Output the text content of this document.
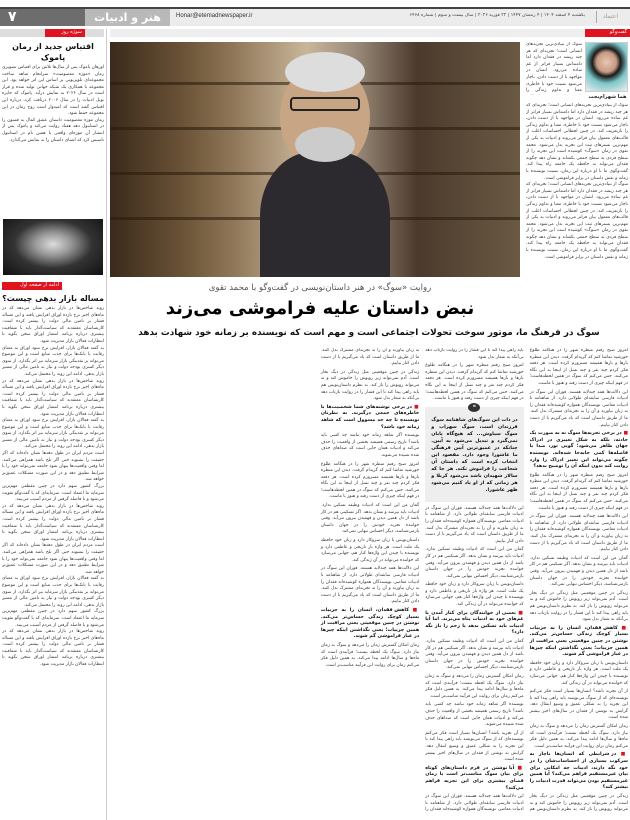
۷	هنر و ادبیات	Honar@etemadnewspaper.ir	یکشنبه ۴ اسفند ۱۴۰۴ | ۴ رمضان ۱۴۴۷ | ۲۲ فوریه ۲۰۲۶ | سال بیست و سوم | شماره ۶۴۶۸	اعتماد
سوژه روز	گفت‌وگو
اقتباس جدید از رمان پاموک

اورهان پاموک پس از سال‌ها تلاش برای اقتباس تصویری رمان «موزه معصومیت» سرانجام شاهد ساخت مجموعه‌ای تلویزیونی بر اساس این اثر خواهد بود. این مجموعه با همکاری یک شبکه جهانی تولید شده و قرار است در سال ۲۰۲۶ به نمایش درآید. پاموک که جایزه نوبل ادبیات را در سال ۲۰۰۶ دریافت کرد، درباره این اقتباس گفته است که امیدوار است روح رمان در این مجموعه حفظ شود.

رمان موزه معصومیت داستان عشق کمال به فسون را در استانبول دهه هفتاد روایت می‌کند و پاموک پس از انتشار آن موزه‌ای واقعی با همین نام در استانبول تاسیس کرد که اشیای داستان را به نمایش می‌گذارد.

ادامه از صفحه اول
مساله بازار بدهی چیست؟

روند شاخص‌ها در بازار بدهی نشان می‌دهد که در ماه‌های اخیر نرخ بازده اوراق افزایش یافته و این مساله فشار بر تامین مالی دولت را بیشتر کرده است. کارشناسان معتقدند که سیاست‌گذار باید با شفافیت بیشتری درباره برنامه انتشار اوراق سخن بگوید تا انتظارات فعالان بازار مدیریت شود.

به گفته فعالان بازار، افزایش نرخ سود اوراق به معنای رقابت با بانک‌ها برای جذب منابع است و این موضوع می‌تواند بر نقدینگی بازار سرمایه نیز اثر بگذارد. از سوی دیگر کسری بودجه دولت و نیاز به تامین مالی از مسیر بازار بدهی، ادامه این روند را محتمل می‌کند.

روند شاخص‌ها در بازار بدهی نشان می‌دهد که در ماه‌های اخیر نرخ بازده اوراق افزایش یافته و این مساله فشار بر تامین مالی دولت را بیشتر کرده است. کارشناسان معتقدند که سیاست‌گذار باید با شفافیت بیشتری درباره برنامه انتشار اوراق سخن بگوید تا انتظارات فعالان بازار مدیریت شود.

به گفته فعالان بازار، افزایش نرخ سود اوراق به معنای رقابت با بانک‌ها برای جذب منابع است و این موضوع می‌تواند بر نقدینگی بازار سرمایه نیز اثر بگذارد. از سوی دیگر کسری بودجه دولت و نیاز به تامین مالی از مسیر بازار بدهی، ادامه این روند را محتمل می‌کند.

است مردم ایران در طول دهه‌ها نشان داده‌اند که اگر حقیقت را بشنوند حتی اگر تلخ باشد همراهی می‌کنند. اما وقتی واقعیت‌ها پنهان شود جامعه نمی‌تواند خود را با شرایط تطبیق دهد و در این صورت مشکلات عمیق‌تر خواهد شد.

بزرگ کشور سهم دارد در چنین مقطعی مهم‌ترین سرمایه ما اعتماد است. سرمایه‌ای که با گفت‌وگو تقویت می‌شود و با فاصله گرفتن از مردم آسیب می‌بیند.

روند شاخص‌ها در بازار بدهی نشان می‌دهد که در ماه‌های اخیر نرخ بازده اوراق افزایش یافته و این مساله فشار بر تامین مالی دولت را بیشتر کرده است. کارشناسان معتقدند که سیاست‌گذار باید با شفافیت بیشتری درباره برنامه انتشار اوراق سخن بگوید تا انتظارات فعالان بازار مدیریت شود.

است مردم ایران در طول دهه‌ها نشان داده‌اند که اگر حقیقت را بشنوند حتی اگر تلخ باشد همراهی می‌کنند. اما وقتی واقعیت‌ها پنهان شود جامعه نمی‌تواند خود را با شرایط تطبیق دهد و در این صورت مشکلات عمیق‌تر خواهد شد.

به گفته فعالان بازار، افزایش نرخ سود اوراق به معنای رقابت با بانک‌ها برای جذب منابع است و این موضوع می‌تواند بر نقدینگی بازار سرمایه نیز اثر بگذارد. از سوی دیگر کسری بودجه دولت و نیاز به تامین مالی از مسیر بازار بدهی، ادامه این روند را محتمل می‌کند.

بزرگ کشور سهم دارد در چنین مقطعی مهم‌ترین سرمایه ما اعتماد است. سرمایه‌ای که با گفت‌وگو تقویت می‌شود و با فاصله گرفتن از مردم آسیب می‌بیند.

روند شاخص‌ها در بازار بدهی نشان می‌دهد که در ماه‌های اخیر نرخ بازده اوراق افزایش یافته و این مساله فشار بر تامین مالی دولت را بیشتر کرده است. کارشناسان معتقدند که سیاست‌گذار باید با شفافیت بیشتری درباره برنامه انتشار اوراق سخن بگوید تا انتظارات فعالان بازار مدیریت شود.

هما شهرام‌بخت
سوگ از بنیادی‌ترین تجربه‌های انسانی است؛ تجربه‌ای که هر چند ریشه در فقدان دارد اما دامنه‌اش بسیار فراتر از غم ساده می‌رود. انسان در مواجهه با از دست دادن، ناچار می‌شود نسبت خود با خاطره، معنا و تداوم زندگی را

سوگ از بنیادی‌ترین تجربه‌های انسانی است؛ تجربه‌ای که هر چند ریشه در فقدان دارد اما دامنه‌اش بسیار فراتر از غم ساده می‌رود. انسان در مواجهه با از دست دادن، ناچار می‌شود نسبت خود با خاطره، معنا و تداوم زندگی را بازتعریف کند. در چنین لحظاتی احساسات اغلب از قالب‌های معمول بیان فراتر می‌روند و ادبیات به یکی از مهم‌ترین بسترهای ثبت این تجربه بدل می‌شود. محمد تقوی در رمان «سوگ» کوشیده است این تجربه را از سطح فردی به سطح جمعی بکشاند و نشان دهد چگونه فقدان می‌تواند به حافظه یک جامعه راه پیدا کند. گفت‌وگوی ما با او درباره این رمان، نسبت نویسنده با زمانه و نقش داستان در برابر فراموشی است.

سوگ از بنیادی‌ترین تجربه‌های انسانی است؛ تجربه‌ای که هر چند ریشه در فقدان دارد اما دامنه‌اش بسیار فراتر از غم ساده می‌رود. انسان در مواجهه با از دست دادن، ناچار می‌شود نسبت خود با خاطره، معنا و تداوم زندگی را بازتعریف کند. در چنین لحظاتی احساسات اغلب از قالب‌های معمول بیان فراتر می‌روند و ادبیات به یکی از مهم‌ترین بسترهای ثبت این تجربه بدل می‌شود. محمد تقوی در رمان «سوگ» کوشیده است این تجربه را از سطح فردی به سطح جمعی بکشاند و نشان دهد چگونه فقدان می‌تواند به حافظه یک جامعه راه پیدا کند. گفت‌وگوی ما با او درباره این رمان، نسبت نویسنده با زمانه و نقش داستان در برابر فراموشی است.

روایت «سوگ» در هنر داستان‌نویسی در گفت‌وگو با محمد تقوی
نبض داستان علیه فراموشی می‌زند
سوگ در فرهنگ ما، موتور سوخت تحولات اجتماعی است و مهم است که نویسنده بر زمانه خود شهادت بدهد

امروز صبح رفتم منظره شهر را در هنگامه طلوع خورشید تماشا کنم که گریه‌ام گرفت. دیدن این منظره بارها و بارها همیشه مسرورم کرده است. هر دفعه فکر کردم چند نفر و چند نسل از اینجا به این نگاه می‌کنند. حس می‌کنم که سوگ در همین لحظه‌هاست؛ در فهم اینکه چیزی از دست رفته و هنوز با ماست.

این دلالت‌ها همه چند‌لایه هستند. فوران این سوگ در ادبیات فارسی سابقه‌ای طولانی دارد. از شاهنامه تا ادبیات معاصر، نویسندگان همواره کوشیده‌اند فقدان را به زبان بیاورند و آن را به تجربه‌ای مشترک بدل کنند. ما از طریق داستان است که یاد می‌گیریم با از دست دادن کنار بیاییم.

■ در برخی تجربه‌ها سوگ نه به صورت یک حادثه، بلکه به شکل تغییری در ادراک جهان ظاهر می‌شود؛ گویی نور، صدا یا فاصله‌ها کمی جابه‌جا شده‌اند. نویسنده چگونه می‌تواند این تغییر ادراک را وارد روایت کند بدون اینکه آن را توضیح بدهد؟

امروز صبح رفتم منظره شهر را در هنگامه طلوع خورشید تماشا کنم که گریه‌ام گرفت. دیدن این منظره بارها و بارها همیشه مسرورم کرده است. هر دفعه فکر کردم چند نفر و چند نسل از اینجا به این نگاه می‌کنند. حس می‌کنم که سوگ در همین لحظه‌هاست؛ در فهم اینکه چیزی از دست رفته و هنوز با ماست.

این دلالت‌ها همه چند‌لایه هستند. فوران این سوگ در ادبیات فارسی سابقه‌ای طولانی دارد. از شاهنامه تا ادبیات معاصر، نویسندگان همواره کوشیده‌اند فقدان را به زبان بیاورند و آن را به تجربه‌ای مشترک بدل کنند. ما از طریق داستان است که یاد می‌گیریم با از دست دادن کنار بیاییم.

گمان من این است که ادبیات وظیفه تسکین ندارد. ادبیات باید بپرسد و نشان بدهد. اگر تسکینی هم در کار باشد از دل همین دیدن و فهمیدن بیرون می‌آید. وقتی خواننده تجربه خودش را در جهان داستان بازمی‌شناسد، دیگر احساس تنهایی نمی‌کند.

زندگی در چنین موقعیتی مثل زندگی در دیگ بخار است. آدم نمی‌تواند زیر روپوش را خاموش کند و نه می‌تواند روپوش را باز کند. به نظرم داستان‌نویس هم باید راهی پیدا کند تا این فشار را در روایت بازتاب دهد بی‌آنکه به شعار بدل شود.

■ کاهش فقدان، انسان را به جزییات بسیار کوچک زندگی حساس‌تر می‌کند. نوشتن در چنین موقعیتی یعنی مراقبت از همین جزییات؛ یعنی نگذاشتن اینکه چیزها در غبار فراموشی گم شوند.

داستان‌نویس با زبان سروکار دارد و زبان خود حافظه یک ملت است. هر واژه بار تاریخی و عاطفی دارد و نویسنده با چیدن این واژه‌ها کنار هم، جهانی می‌سازد که خواننده می‌تواند در آن زندگی کند.

از آن تجربه باشد؟ انسان‌ها بسیار است فکر می‌کنم نویسنده‌ای که از سوگ می‌نویسد باید راهی پیدا کند تا این تجربه را به شکلی عمیق و وسیع انتقال دهد. گرایش به نوشتن از فقدان در سال‌های اخیر بیشتر شده است.

رمان امکان گسترش زمان را می‌دهد و سوگ به زمان نیاز دارد. سوگ یک لحظه نیست؛ فرآیندی است که ماه‌ها و سال‌ها ادامه پیدا می‌کند. به همین دلیل فکر می‌کنم رمان برای روایت این فرآیند مناسب‌تر است.

■ در شرایطی که انسان‌ها ناچار به سرکوب بسیاری از احساسات‌شان را در خود نگه دارند، ادبیات چه امکانی برای بیان غیرمستقیم فراهم می‌کند؟ آیا همین غیرمستقیم بودن می‌تواند قدرت ادبیات را بیشتر کند؟

زندگی در چنین موقعیتی مثل زندگی در دیگ بخار است. آدم نمی‌تواند زیر روپوش را خاموش کند و نه می‌تواند روپوش را باز کند. به نظرم داستان‌نویس هم باید راهی پیدا کند تا این فشار را در روایت بازتاب دهد بی‌آنکه به شعار بدل شود.

امروز صبح رفتم منظره شهر را در هنگامه طلوع خورشید تماشا کنم که گریه‌ام گرفت. دیدن این منظره بارها و بارها همیشه مسرورم کرده است. هر دفعه فکر کردم چند نفر و چند نسل از اینجا به این نگاه می‌کنند. حس می‌کنم که سوگ در همین لحظه‌هاست؛ در فهم اینکه چیزی از دست رفته و هنوز با ماست.

❝

در ذات این سوگ‌های شاهنامه سوگ فرزندان است، سوگ سهراب و سوگ سیاوش... که هیچ‌گاه پایان نمی‌گیرد و تبدیل می‌شود به آیین. چنانکه در عمیق‌ترین آیین فرهنگی ما عاشورا وجود دارد. مقصود این انتخاب کرده است که داستان آن شجاعت را فراموش نکند. هر جا که سالار شهیدان باشد می‌شود کربلا و هر زمانی که از او یاد کنیم می‌شود ظهر عاشورا.

این دلالت‌ها همه چند‌لایه هستند. فوران این سوگ در ادبیات فارسی سابقه‌ای طولانی دارد. از شاهنامه تا ادبیات معاصر، نویسندگان همواره کوشیده‌اند فقدان را به زبان بیاورند و آن را به تجربه‌ای مشترک بدل کنند. ما از طریق داستان است که یاد می‌گیریم با از دست دادن کنار بیاییم.

گمان من این است که ادبیات وظیفه تسکین ندارد. ادبیات باید بپرسد و نشان بدهد. اگر تسکینی هم در کار باشد از دل همین دیدن و فهمیدن بیرون می‌آید. وقتی خواننده تجربه خودش را در جهان داستان بازمی‌شناسد، دیگر احساس تنهایی نمی‌کند.

داستان‌نویس با زبان سروکار دارد و زبان خود حافظه یک ملت است. هر واژه بار تاریخی و عاطفی دارد و نویسنده با چیدن این واژه‌ها کنار هم، جهانی می‌سازد که خواننده می‌تواند در آن زندگی کند.

■ بعضی از خوانندگان برای کنار آمدن با غم‌های خود به ادبیات پناه می‌برند. اما آیا ادبیات باید تسکین بدهد یا زخم را باز نگه دارد؟

گمان من این است که ادبیات وظیفه تسکین ندارد. ادبیات باید بپرسد و نشان بدهد. اگر تسکینی هم در کار باشد از دل همین دیدن و فهمیدن بیرون می‌آید. وقتی خواننده تجربه خودش را در جهان داستان بازمی‌شناسد، دیگر احساس تنهایی نمی‌کند.

رمان امکان گسترش زمان را می‌دهد و سوگ به زمان نیاز دارد. سوگ یک لحظه نیست؛ فرآیندی است که ماه‌ها و سال‌ها ادامه پیدا می‌کند. به همین دلیل فکر می‌کنم رمان برای روایت این فرآیند مناسب‌تر است.

نویسنده اگر شاهد زمانه خود نباشد چه کسی باید باشد؟ تاریخ رسمی همیشه بخشی از واقعیت را حذف می‌کند و ادبیات همان جایی است که صداهای حذف شده شنیده می‌شوند.

از آن تجربه باشد؟ انسان‌ها بسیار است فکر می‌کنم نویسنده‌ای که از سوگ می‌نویسد باید راهی پیدا کند تا این تجربه را به شکلی عمیق و وسیع انتقال دهد. گرایش به نوشتن از فقدان در سال‌های اخیر بیشتر شده است.

■ آیا نوشتن در فرم داستان‌های کوتاه برای بیان سوگ مناسب‌تر است یا رمان فضای بیشتری برای این تجربه فراهم می‌کند؟

این دلالت‌ها همه چند‌لایه هستند. فوران این سوگ در ادبیات فارسی سابقه‌ای طولانی دارد. از شاهنامه تا ادبیات معاصر، نویسندگان همواره کوشیده‌اند فقدان را به زبان بیاورند و آن را به تجربه‌ای مشترک بدل کنند. ما از طریق داستان است که یاد می‌گیریم با از دست دادن کنار بیاییم.

زندگی در چنین موقعیتی مثل زندگی در دیگ بخار است. آدم نمی‌تواند زیر روپوش را خاموش کند و نه می‌تواند روپوش را باز کند. به نظرم داستان‌نویس هم باید راهی پیدا کند تا این فشار را در روایت بازتاب دهد بی‌آنکه به شعار بدل شود.

■ در برخی نوشته‌های شما شخصیت‌ها با خاطره‌های جمعی درگیرند. به نظرتان نویسنده تا چه حد مسوول است که شاهد زمانه خود باشد؟

نویسنده اگر شاهد زمانه خود نباشد چه کسی باید باشد؟ تاریخ رسمی همیشه بخشی از واقعیت را حذف می‌کند و ادبیات همان جایی است که صداهای حذف شده شنیده می‌شوند.

امروز صبح رفتم منظره شهر را در هنگامه طلوع خورشید تماشا کنم که گریه‌ام گرفت. دیدن این منظره بارها و بارها همیشه مسرورم کرده است. هر دفعه فکر کردم چند نفر و چند نسل از اینجا به این نگاه می‌کنند. حس می‌کنم که سوگ در همین لحظه‌هاست؛ در فهم اینکه چیزی از دست رفته و هنوز با ماست.

گمان من این است که ادبیات وظیفه تسکین ندارد. ادبیات باید بپرسد و نشان بدهد. اگر تسکینی هم در کار باشد از دل همین دیدن و فهمیدن بیرون می‌آید. وقتی خواننده تجربه خودش را در جهان داستان بازمی‌شناسد، دیگر احساس تنهایی نمی‌کند.

داستان‌نویس با زبان سروکار دارد و زبان خود حافظه یک ملت است. هر واژه بار تاریخی و عاطفی دارد و نویسنده با چیدن این واژه‌ها کنار هم، جهانی می‌سازد که خواننده می‌تواند در آن زندگی کند.

این دلالت‌ها همه چند‌لایه هستند. فوران این سوگ در ادبیات فارسی سابقه‌ای طولانی دارد. از شاهنامه تا ادبیات معاصر، نویسندگان همواره کوشیده‌اند فقدان را به زبان بیاورند و آن را به تجربه‌ای مشترک بدل کنند. ما از طریق داستان است که یاد می‌گیریم با از دست دادن کنار بیاییم.

■ کاهش فقدان، انسان را به جزییات بسیار کوچک زندگی حساس‌تر می‌کند. نوشتن در چنین موقعیتی یعنی مراقبت از همین جزییات؛ یعنی نگذاشتن اینکه چیزها در غبار فراموشی گم شوند.

رمان امکان گسترش زمان را می‌دهد و سوگ به زمان نیاز دارد. سوگ یک لحظه نیست؛ فرآیندی است که ماه‌ها و سال‌ها ادامه پیدا می‌کند. به همین دلیل فکر می‌کنم رمان برای روایت این فرآیند مناسب‌تر است.
